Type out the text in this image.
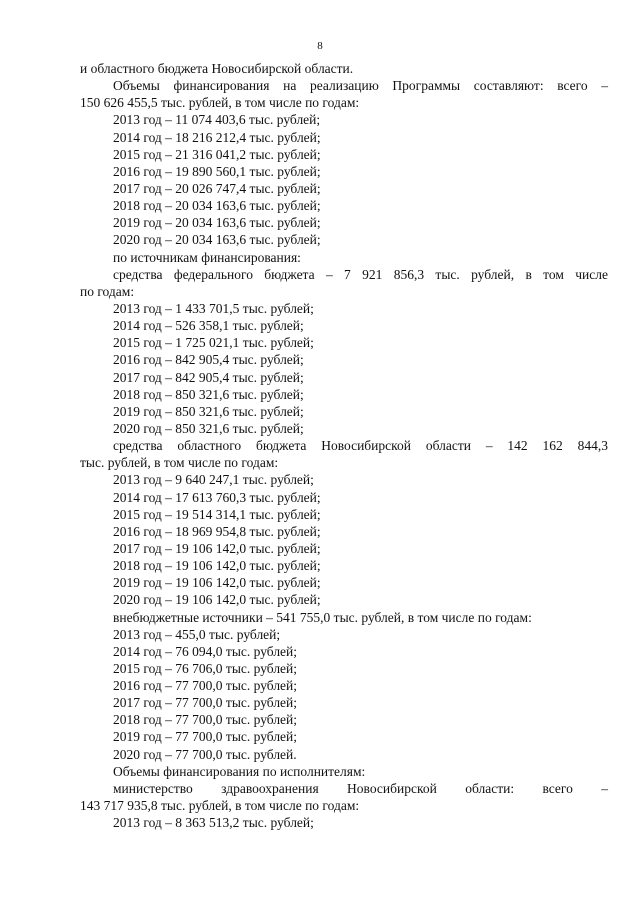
8
и областного бюджета Новосибирской области.
Объемы финансирования на реализацию Программы составляют: всего –
150 626 455,5 тыс. рублей, в том числе по годам:
2013 год – 11 074 403,6 тыс. рублей;
2014 год – 18 216 212,4 тыс. рублей;
2015 год – 21 316 041,2 тыс. рублей;
2016 год – 19 890 560,1 тыс. рублей;
2017 год – 20 026 747,4 тыс. рублей;
2018 год – 20 034 163,6 тыс. рублей;
2019 год – 20 034 163,6 тыс. рублей;
2020 год – 20 034 163,6 тыс. рублей;
по источникам финансирования:
средства федерального бюджета – 7 921 856,3 тыс. рублей, в том числе
по годам:
2013 год – 1 433 701,5 тыс. рублей;
2014 год – 526 358,1 тыс. рублей;
2015 год – 1 725 021,1 тыс. рублей;
2016 год – 842 905,4 тыс. рублей;
2017 год – 842 905,4 тыс. рублей;
2018 год – 850 321,6 тыс. рублей;
2019 год – 850 321,6 тыс. рублей;
2020 год – 850 321,6 тыс. рублей;
средства областного бюджета Новосибирской области – 142 162 844,3
тыс. рублей, в том числе по годам:
2013 год – 9 640 247,1 тыс. рублей;
2014 год – 17 613 760,3 тыс. рублей;
2015 год – 19 514 314,1 тыс. рублей;
2016 год – 18 969 954,8 тыс. рублей;
2017 год – 19 106 142,0 тыс. рублей;
2018 год – 19 106 142,0 тыс. рублей;
2019 год – 19 106 142,0 тыс. рублей;
2020 год – 19 106 142,0 тыс. рублей;
внебюджетные источники – 541 755,0 тыс. рублей, в том числе по годам:
2013 год – 455,0 тыс. рублей;
2014 год – 76 094,0 тыс. рублей;
2015 год – 76 706,0 тыс. рублей;
2016 год – 77 700,0 тыс. рублей;
2017 год – 77 700,0 тыс. рублей;
2018 год – 77 700,0 тыс. рублей;
2019 год – 77 700,0 тыс. рублей;
2020 год – 77 700,0 тыс. рублей.
Объемы финансирования по исполнителям:
министерство здравоохранения Новосибирской области: всего –
143 717 935,8 тыс. рублей, в том числе по годам:
2013 год – 8 363 513,2 тыс. рублей;
